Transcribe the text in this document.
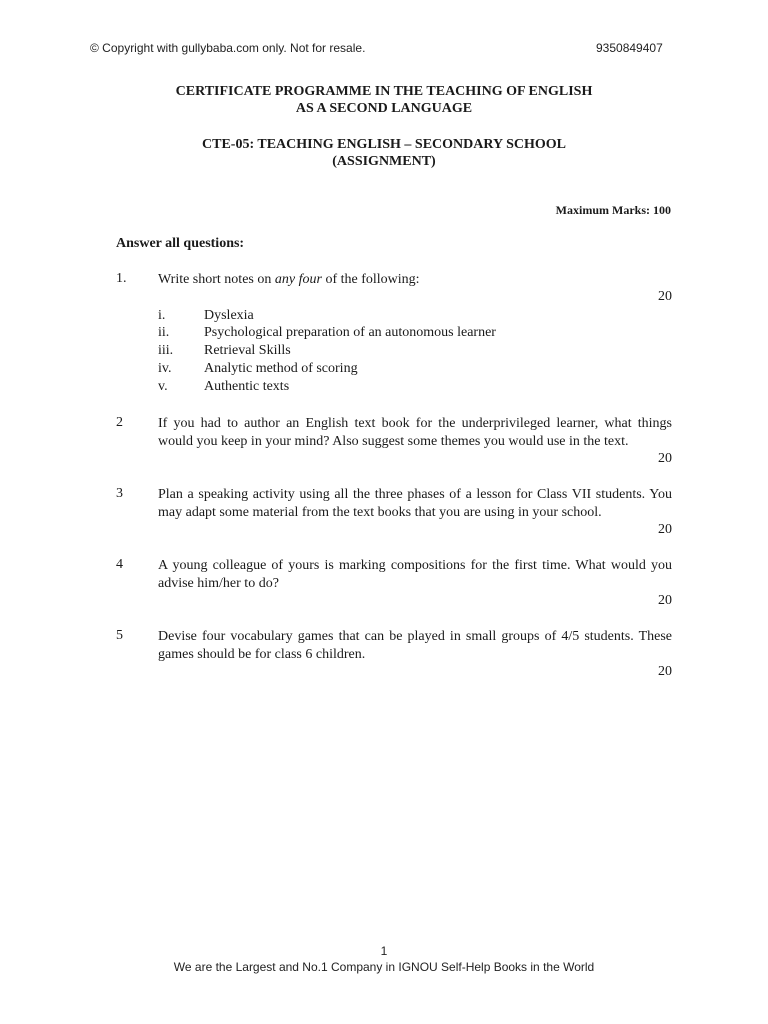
© Copyright with gullybaba.com only. Not for resale.	9350849407
CERTIFICATE PROGRAMME IN THE TEACHING OF ENGLISH
AS A SECOND LANGUAGE
CTE-05: TEACHING ENGLISH – SECONDARY SCHOOL
(ASSIGNMENT)
Maximum Marks: 100
Answer all questions:
1. Write short notes on any four of the following:
20
i.	Dyslexia
ii. Psychological preparation of an autonomous learner
iii. Retrieval Skills
iv. Analytic method of scoring
v.	Authentic texts
2	If you had to author an English text book for the underprivileged learner, what things would you keep in your mind? Also suggest some themes you would use in the text.
20
3	Plan a speaking activity using all the three phases of a lesson for Class VII students. You may adapt some material from the text books that you are using in your school.
20
4	A young colleague of yours is marking compositions for the first time. What would you advise him/her to do?
20
5	Devise four vocabulary games that can be played in small groups of 4/5 students. These games should be for class 6 children.
20
1
We are the Largest and No.1 Company in IGNOU Self-Help Books in the World
